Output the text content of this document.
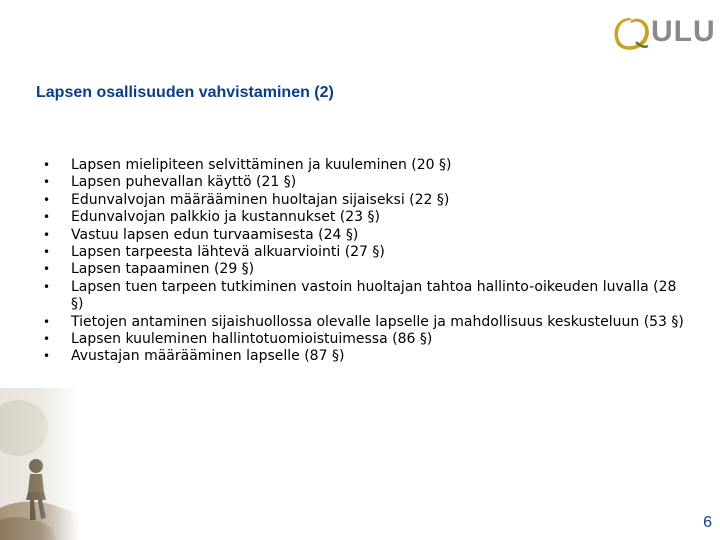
ULU
Lapsen osallisuuden vahvistaminen (2)
• Lapsen mielipiteen selvittäminen ja kuuleminen (20 §)
• Lapsen puhevallan käyttö (21 §)
• Edunvalvojan määrääminen huoltajan sijaiseksi (22 §)
• Edunvalvojan palkkio ja kustannukset (23 §)
• Vastuu lapsen edun turvaamisesta (24 §)
• Lapsen tarpeesta lähtevä alkuarviointi (27 §)
• Lapsen tapaaminen (29 §)
• Lapsen tuen tarpeen tutkiminen vastoin huoltajan tahtoa hallinto-oikeuden luvalla (28 §)
• Tietojen antaminen sijaishuollossa olevalle lapselle ja mahdollisuus keskusteluun (53 §)
• Lapsen kuuleminen hallintotuomioistuimessa (86 §)
• Avustajan määrääminen lapselle (87 §)
6
